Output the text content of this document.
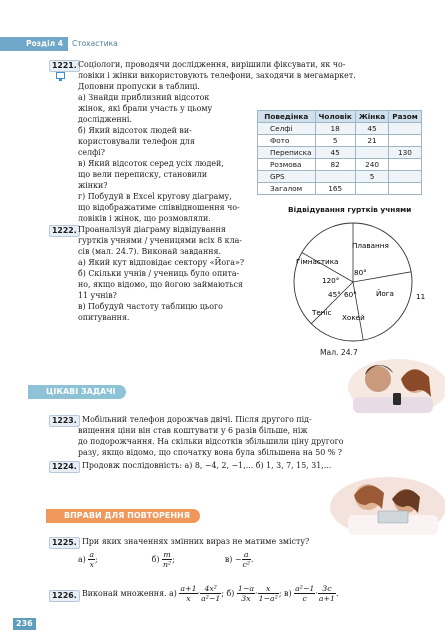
Розділ 4	Стохастика
1221. Соціологи, проводячи дослідження, вирішили фіксувати, як чо-
ловіки і жінки використовують телефони, заходячи в мегамаркет.
Доповни пропуски в таблиці.
а) Знайди приблизний відсоток
жінок, які брали участь у цьому
дослідженні.
б) Який відсоток людей ви-
користовували телефон для
селфі?
в) Який відсоток серед усіх людей,
що вели переписку, становили
жінки?
г) Побудуй в Excel кругову діаграму,
що відображатиме співвідношення чо-
ловіків і жінок, що розмовляли.
Поведінка	Чоловік	Жінка	Разом
Селфі	18	45	
Фото	5	21	
Переписка	45		130
Розмова	82	240	
GPS		5	
Загалом	165		
1222. Проаналізуй діаграму відвідування
гуртків учнями / ученицями всіх 8 кла-
сів (мал. 24.7). Виконай завдання.
а) Який кут відповідає сектору «Йога»?
б) Скільки учнів / учениць було опита-
но, якщо відомо, що йогою займаються
11 учнів?
в) Побудуй частоту таблицю цього
опитування.
Відвідування гуртків учнями
Плавання
Гімнастика
Йога
Теніс
Хокей
120°
80°
45° 60°	11
Мал. 24.7
ЦІКАВІ ЗАДАЧІ
1223. Мобільний телефон дорожчав двічі. Після другого під-
вищення ціни він став коштувати у 6 разів більше, ніж
до подорожчання. На скільки відсотків збільшили ціну другого
разу, якщо відомо, що спочатку вона була збільшена на 50 % ?
1224. Продовж послідовність: а) 8, −4, 2, −1,... б) 1, 3, 7, 15, 31,...
ВПРАВИ ДЛЯ ПОВТОРЕННЯ
1225. При яких значеннях змінних вираз не матиме змісту?
а)
$\frac{a}{x}$ ;	б)
$\frac{m}{\text{n²}}$ ;	в)
− $\frac{a}{\text{c²}}$ .
1226. Виконай множення.
а)
$\frac{a+1}{x} \cdot \frac{\text{4x²}}{\text{a²−1}}$ ;
б)
$\frac{1-a}{3x} \cdot \frac{x}{\text{1−a²}}$ ;
в)
$\frac{\text{a²−1}}{c} \cdot \frac{3c}{a+1}$ .
236
